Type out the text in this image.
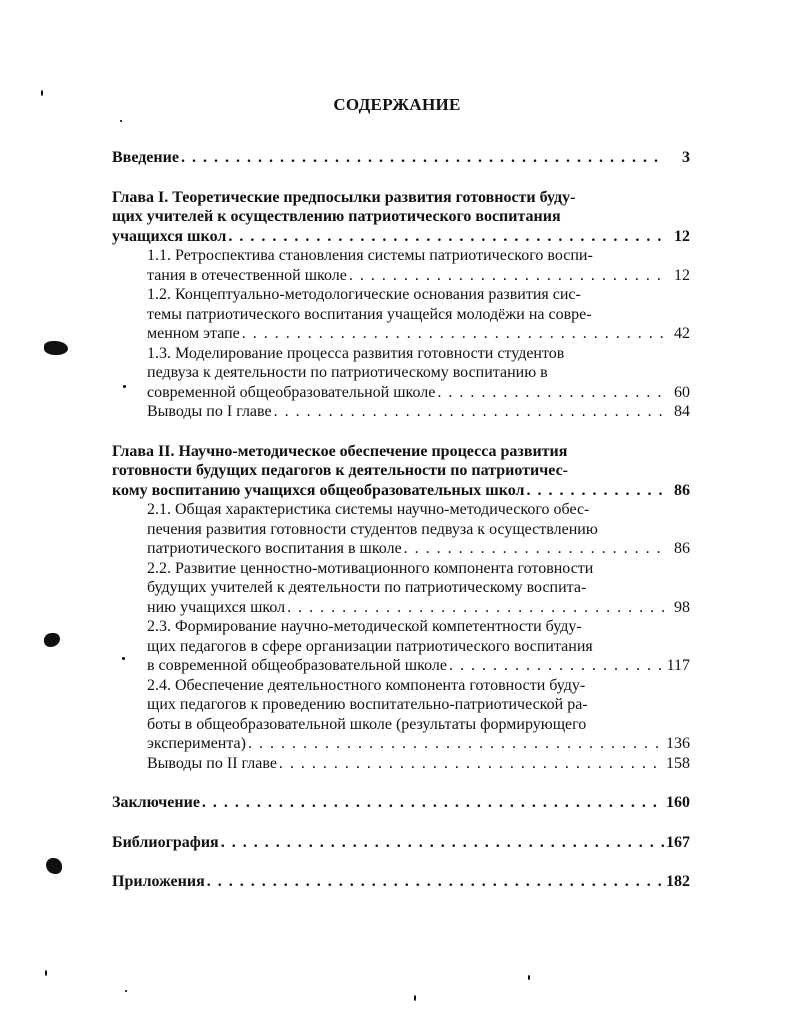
СОДЕРЖАНИЕ
Введение . . .	3
Глава I. Теоретические предпосылки развития готовности буду-
щих учителей к осуществлению патриотического воспитания
учащихся школ . . .	12
1.1. Ретроспектива становления системы патриотического воспи-
тания в отечественной школе . . .	12
1.2. Концептуально-методологические основания развития сис-
темы патриотического воспитания учащейся молодёжи на совре-
менном этапе . . .	42
1.3. Моделирование процесса развития готовности студентов
педвуза к деятельности по патриотическому воспитанию в
современной общеобразовательной школе . . .	60
Выводы по I главе . . .	84
Глава II. Научно-методическое обеспечение процесса развития
готовности будущих педагогов к деятельности по патриотичес-
кому воспитанию учащихся общеобразовательных школ . . .	86
2.1. Общая характеристика системы научно-методического обес-
печения развития готовности студентов педвуза к осуществлению
патриотического воспитания в школе . . .	86
2.2. Развитие ценностно-мотивационного компонента готовности
будущих учителей к деятельности по патриотическому воспита-
нию учащихся школ . . .	98
2.3. Формирование научно-методической компетентности буду-
щих педагогов в сфере организации патриотического воспитания
в современной общеобразовательной школе . . .	117
2.4. Обеспечение деятельностного компонента готовности буду-
щих педагогов к проведению воспитательно-патриотической ра-
боты в общеобразовательной школе (результаты формирующего
эксперимента) . . .	136
Выводы по II главе . . .	158
Заключение . . .	160
Библиография . . .	167
Приложения . . .	182
